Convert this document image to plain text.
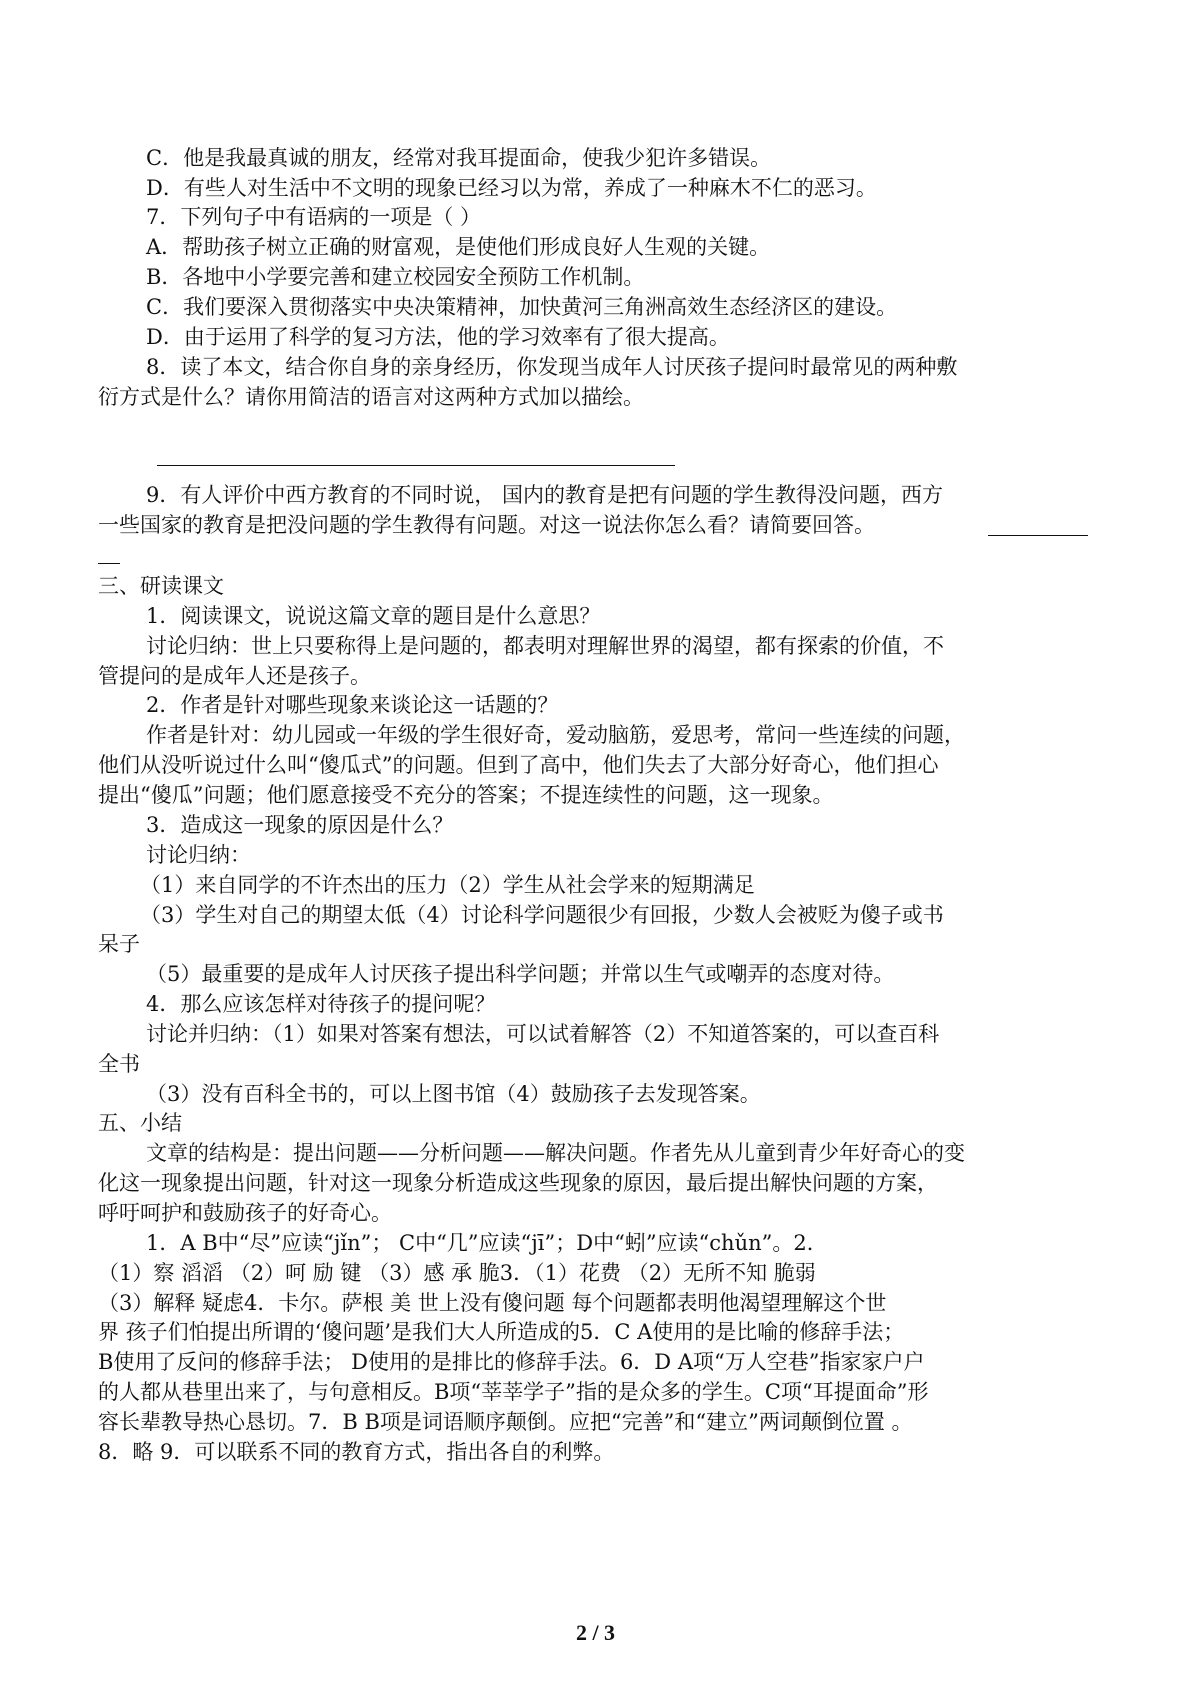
C．他是我最真诚的朋友，经常对我耳提面命，使我少犯许多错误。
D．有些人对生活中不文明的现象已经习以为常，养成了一种麻木不仁的恶习。
7．下列句子中有语病的一项是（ ）
A．帮助孩子树立正确的财富观，是使他们形成良好人生观的关键。
B．各地中小学要完善和建立校园安全预防工作机制。
C．我们要深入贯彻落实中央决策精神，加快黄河三角洲高效生态经济区的建设。
D．由于运用了科学的复习方法，他的学习效率有了很大提高。
8．读了本文，结合你自身的亲身经历，你发现当成年人讨厌孩子提问时最常见的两种敷
衍方式是什么？请你用简洁的语言对这两种方式加以描绘。
9．有人评价中西方教育的不同时说， 国内的教育是把有问题的学生教得没问题，西方
一些国家的教育是把没问题的学生教得有问题。对这一说法你怎么看？请简要回答。
三、研读课文
1．阅读课文，说说这篇文章的题目是什么意思？
讨论归纳：世上只要称得上是问题的，都表明对理解世界的渴望，都有探索的价值，不
管提问的是成年人还是孩子。
2．作者是针对哪些现象来谈论这一话题的？
作者是针对：幼儿园或一年级的学生很好奇，爱动脑筋，爱思考，常问一些连续的问题，
他们从没听说过什么叫“傻瓜式”的问题。但到了高中，他们失去了大部分好奇心，他们担心
提出“傻瓜”问题；他们愿意接受不充分的答案；不提连续性的问题，这一现象。
3．造成这一现象的原因是什么？
讨论归纳：
（1）来自同学的不许杰出的压力（2）学生从社会学来的短期满足
（3）学生对自己的期望太低（4）讨论科学问题很少有回报，少数人会被贬为傻子或书
呆子
（5）最重要的是成年人讨厌孩子提出科学问题；并常以生气或嘲弄的态度对待。
4．那么应该怎样对待孩子的提问呢？
讨论并归纳：（1）如果对答案有想法，可以试着解答（2）不知道答案的，可以查百科
全书
（3）没有百科全书的，可以上图书馆（4）鼓励孩子去发现答案。
五、小结
文章的结构是：提出问题——分析问题——解决问题。作者先从儿童到青少年好奇心的变
化这一现象提出问题，针对这一现象分析造成这些现象的原因，最后提出解快问题的方案，
呼吁呵护和鼓励孩子的好奇心。
1．A B中“尽”应读“jǐn”； C中“几”应读“jī”；D中“蚓”应读“chǔn”。2．
（1）察 滔滔 （2）呵 励 键 （3）感 承 脆3．（1）花费 （2）无所不知 脆弱
（3）解释 疑虑4．卡尔。萨根 美 世上没有傻问题 每个问题都表明他渴望理解这个世
界 孩子们怕提出所谓的‘傻问题’是我们大人所造成的5．C A使用的是比喻的修辞手法；
B使用了反问的修辞手法； D使用的是排比的修辞手法。6．D A项“万人空巷”指家家户户
的人都从巷里出来了，与句意相反。B项“莘莘学子”指的是众多的学生。C项“耳提面命”形
容长辈教导热心恳切。7．B B项是词语顺序颠倒。应把“完善”和“建立”两词颠倒位置 。
8．略 9．可以联系不同的教育方式，指出各自的利弊。
2 / 3
